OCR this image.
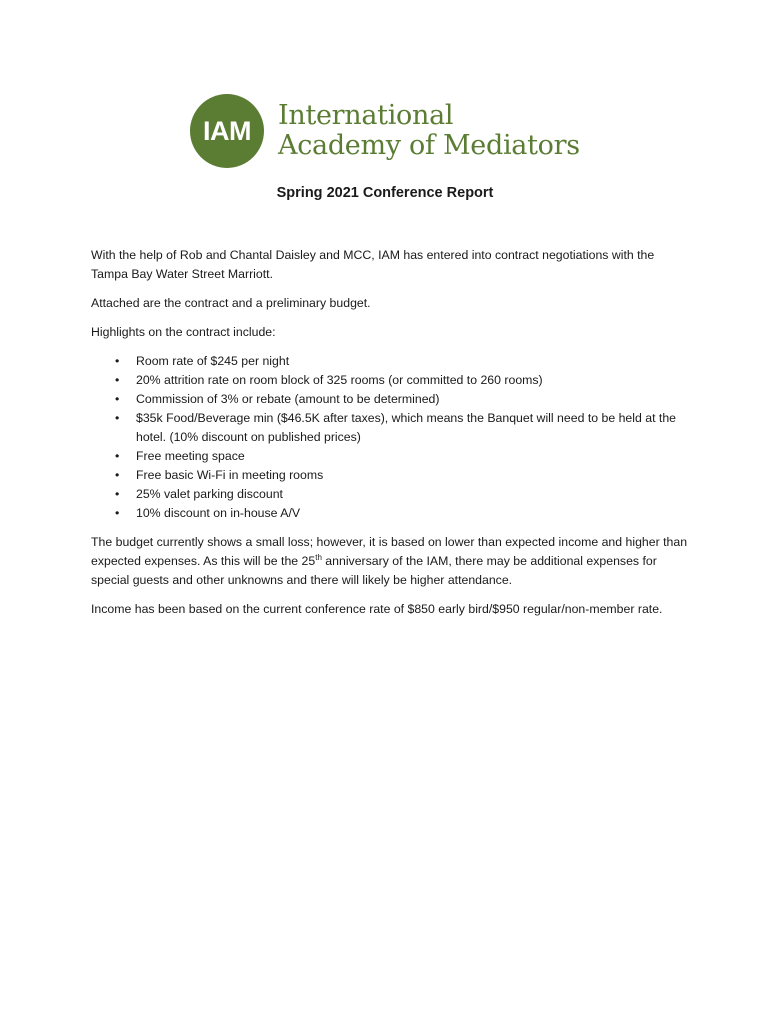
IAM International
Academy of Mediators
Spring 2021 Conference Report

With the help of Rob and Chantal Daisley and MCC, IAM has entered into contract negotiations with the Tampa Bay Water Street Marriott.

Attached are the contract and a preliminary budget.

Highlights on the contract include:

• Room rate of $245 per night
• 20% attrition rate on room block of 325 rooms (or committed to 260 rooms)
• Commission of 3% or rebate (amount to be determined)
• $35k Food/Beverage min ($46.5K after taxes), which means the Banquet will need to be held at the hotel. (10% discount on published prices)
• Free meeting space
• Free basic Wi-Fi in meeting rooms
• 25% valet parking discount
• 10% discount on in-house A/V

The budget currently shows a small loss; however, it is based on lower than expected income and higher than expected expenses. As this will be the 25th anniversary of the IAM, there may be additional expenses for special guests and other unknowns and there will likely be higher attendance.

Income has been based on the current conference rate of $850 early bird/$950 regular/non-member rate.
